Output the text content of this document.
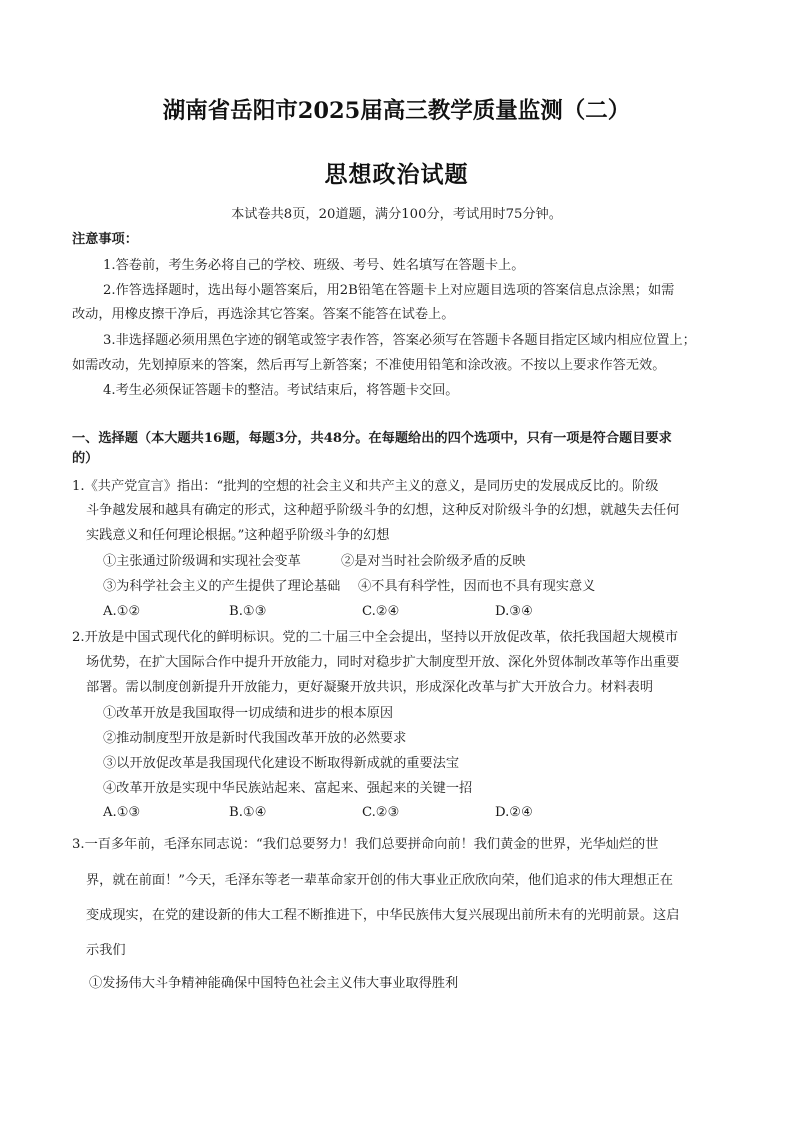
湖南省岳阳市2025届高三教学质量监测（二）
思想政治试题
本试卷共8页，20道题，满分100分，考试用时75分钟。
注意事项：
1.答卷前，考生务必将自己的学校、班级、考号、姓名填写在答题卡上。
2.作答选择题时，选出每小题答案后，用2B铅笔在答题卡上对应题目选项的答案信息点涂黑；如需
改动，用橡皮擦干净后，再选涂其它答案。答案不能答在试卷上。
3.非选择题必须用黑色字迹的钢笔或签字表作答，答案必须写在答题卡各题目指定区域内相应位置上；
如需改动，先划掉原来的答案，然后再写上新答案；不准使用铅笔和涂改液。不按以上要求作答无效。
4.考生必须保证答题卡的整洁。考试结束后，将答题卡交回。
一、选择题（本大题共16题，每题3分，共48分。在每题给出的四个选项中，只有一项是符合题目要求
的）
1.《共产党宣言》指出：“批判的空想的社会主义和共产主义的意义，是同历史的发展成反比的。阶级
斗争越发展和越具有确定的形式，这种超乎阶级斗争的幻想，这种反对阶级斗争的幻想，就越失去任何
实践意义和任何理论根据。”这种超乎阶级斗争的幻想
①主张通过阶级调和实现社会变革	②是对当时社会阶级矛盾的反映
③为科学社会主义的产生提供了理论基础 ④不具有科学性，因而也不具有现实意义
A.①②	B.①③	C.②④	D.③④
2.开放是中国式现代化的鲜明标识。党的二十届三中全会提出，坚持以开放促改革，依托我国超大规模市
场优势，在扩大国际合作中提升开放能力，同时对稳步扩大制度型开放、深化外贸体制改革等作出重要
部署。需以制度创新提升开放能力，更好凝聚开放共识，形成深化改革与扩大开放合力。材料表明
①改革开放是我国取得一切成绩和进步的根本原因
②推动制度型开放是新时代我国改革开放的必然要求
③以开放促改革是我国现代化建设不断取得新成就的重要法宝
④改革开放是实现中华民族站起来、富起来、强起来的关键一招
A.①③	B.①④	C.②③	D.②④
3.一百多年前，毛泽东同志说：“我们总要努力！我们总要拼命向前！我们黄金的世界，光华灿烂的世
界，就在前面！”今天，毛泽东等老一辈革命家开创的伟大事业正欣欣向荣，他们追求的伟大理想正在
变成现实，在党的建设新的伟大工程不断推进下，中华民族伟大复兴展现出前所未有的光明前景。这启
示我们
①发扬伟大斗争精神能确保中国特色社会主义伟大事业取得胜利
